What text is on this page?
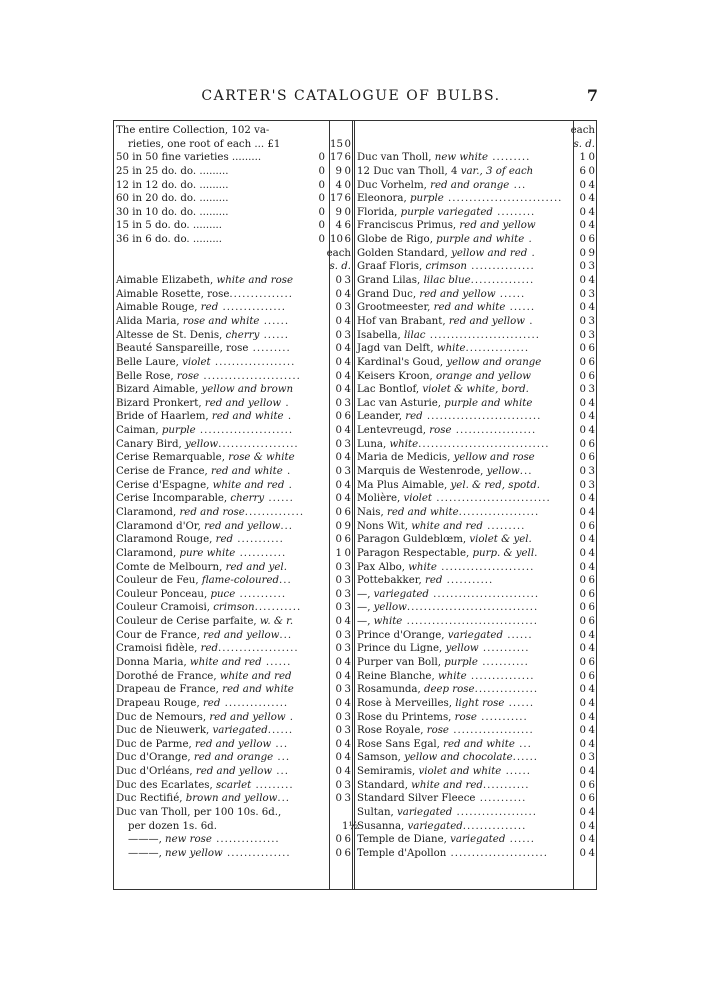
CARTER'S CATALOGUE OF BULBS.	7
The entire Collection, 102 va-
rieties, one root of each ... £1	15 0
50 in 50 fine varieties .........	0 17 6
25 in 25 do. do. .........	0	9 0
12 in 12 do. do. .........	0	4 0
60 in 20 do. do. .........	0 17 6
30 in 10 do. do. .........	0	9 0
15 in 5 do. do. .........	0	4 6
36 in 6 do. do. .........	0 10 6
each
s. d.
Aimable Elizabeth, white and rose	0 3
Aimable Rosette, rose...............	0 4
Aimable Rouge, red ...............	0 3
Alida Maria, rose and white ......	0 4
Altesse de St. Denis, cherry ......	0 3
Beauté Sanspareille, rose .........	0 4
Belle Laure, violet ...................	0 4
Belle Rose, rose .......................	0 4
Bizard Aimable, yellow and brown	0 4
Bizard Pronkert, red and yellow .	0 3
Bride of Haarlem, red and white .	0 6
Caiman, purple ......................	0 4
Canary Bird, yellow...................	0 3
Cerise Remarquable, rose & white	0 4
Cerise de France, red and white .	0 3
Cerise d'Espagne, white and red .	0 4
Cerise Incomparable, cherry ......	0 4
Claramond, red and rose..............	0 6
Claramond d'Or, red and yellow...	0 9
Claramond Rouge, red ...........	0 6
Claramond, pure white ...........	1 0
Comte de Melbourn, red and yel.	0 3
Couleur de Feu, flame-coloured...	0 3
Couleur Ponceau, puce ...........	0 3
Couleur Cramoisi, crimson...........	0 3
Couleur de Cerise parfaite, w. & r.	0 4
Cour de France, red and yellow...	0 3
Cramoisi fidèle, red...................	0 3
Donna Maria, white and red ......	0 4
Dorothé de France, white and red	0 4
Drapeau de France, red and white	0 3
Drapeau Rouge, red ...............	0 4
Duc de Nemours, red and yellow .	0 3
Duc de Nieuwerk, variegated......	0 3
Duc de Parme, red and yellow ...	0 4
Duc d'Orange, red and orange ...	0 4
Duc d'Orléans, red and yellow ...	0 4
Duc des Ecarlates, scarlet .........	0 3
Duc Rectifié, brown and yellow...	0 3
Duc van Tholl, per 100 10s. 6d.,
per dozen 1s. 6d.	1½
———, new rose ...............	0 6
———, new yellow ...............	0 6
each
s. d.
Duc van Tholl, new white .........	1 0
12 Duc van Tholl, 4 var., 3 of each	6 0
Duc Vorhelm, red and orange ...	0 4
Eleonora, purple ...........................	0 4
Florida, purple variegated .........	0 4
Franciscus Primus, red and yellow	0 4
Globe de Rigo, purple and white .	0 6
Golden Standard, yellow and red .	0 9
Graaf Floris, crimson ...............	0 3
Grand Lilas, lilac blue...............	0 4
Grand Duc, red and yellow ......	0 3
Grootmeester, red and white ......	0 4
Hof van Brabant, red and yellow .	0 3
Isabella, lilac ..........................	0 3
Jagd van Delft, white...............	0 6
Kardinal's Goud, yellow and orange	0 6
Keisers Kroon, orange and yellow	0 6
Lac Bontlof, violet & white, bord.	0 3
Lac van Asturie, purple and white	0 4
Leander, red ...........................	0 4
Lentevreugd, rose ...................	0 4
Luna, white...............................	0 6
Maria de Medicis, yellow and rose	0 6
Marquis de Westenrode, yellow...	0 3
Ma Plus Aimable, yel. & red, spotd.	0 3
Molière, violet ...........................	0 4
Nais, red and white...................	0 4
Nons Wit, white and red .........	0 6
Paragon Guldeblœm, violet & yel.	0 4
Paragon Respectable, purp. & yell.	0 4
Pax Albo, white ......................	0 4
Pottebakker, red ...........	0 6
—, variegated .........................	0 6
—, yellow...............................	0 6
—, white ...............................	0 6
Prince d'Orange, variegated ......	0 4
Prince du Ligne, yellow ...........	0 4
Purper van Boll, purple ...........	0 6
Reine Blanche, white ...............	0 6
Rosamunda, deep rose...............	0 4
Rose à Merveilles, light rose ......	0 4
Rose du Printems, rose ...........	0 4
Rose Royale, rose ...................	0 4
Rose Sans Egal, red and white ...	0 4
Samson, yellow and chocolate......	0 3
Semiramis, violet and white ......	0 4
Standard, white and red...........	0 6
Standard Silver Fleece ...........	0 6
Sultan, variegated ...................	0 4
Susanna, variegated...............	0 4
Temple de Diane, variegated ......	0 4
Temple d'Apollon .......................	0 4
